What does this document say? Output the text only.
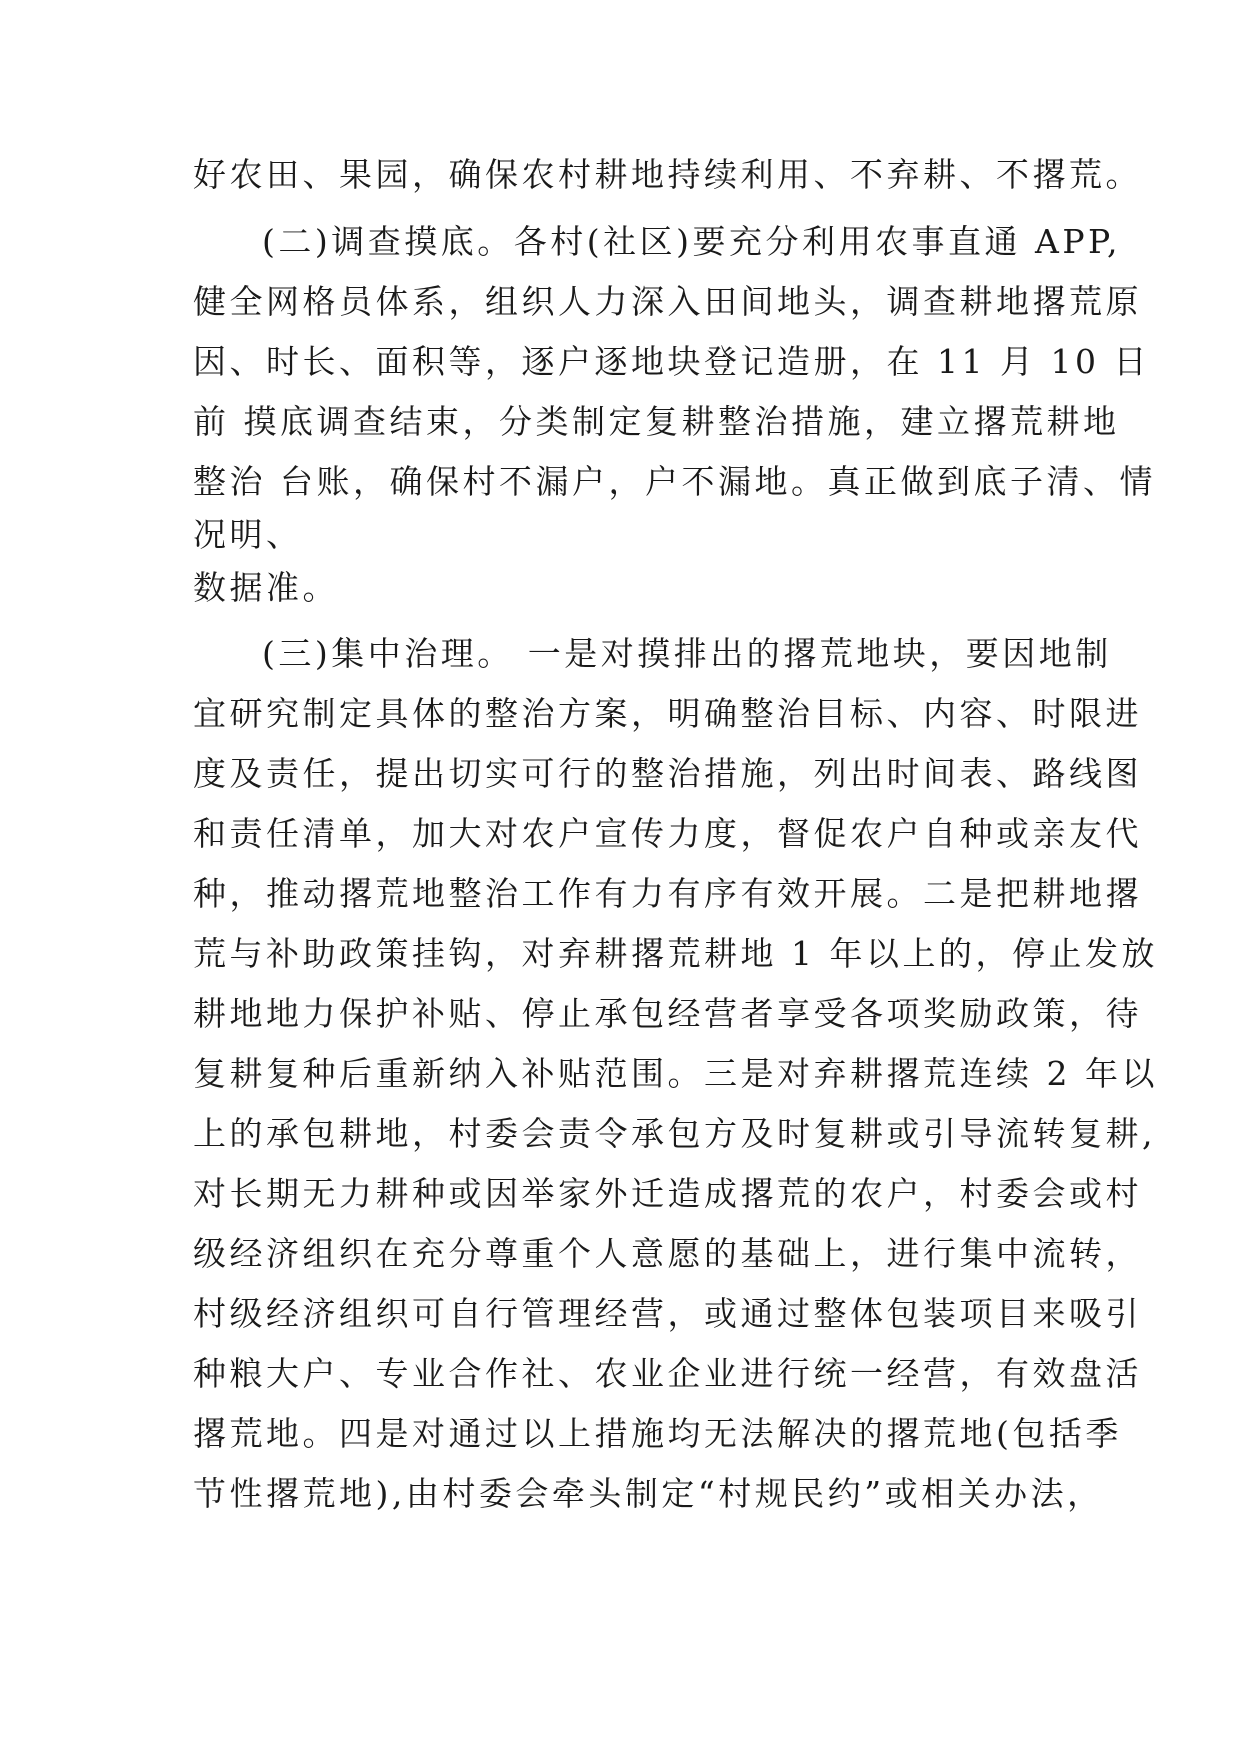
好农田、果园，确保农村耕地持续利用、不弃耕、不撂荒。
(二)调查摸底。各村(社区)要充分利用农事直通 APP,
健全网格员体系，组织人力深入田间地头，调查耕地撂荒原
因、时长、面积等，逐户逐地块登记造册，在 11 月 10 日
前 摸底调查结束，分类制定复耕整治措施，建立撂荒耕地
整治 台账，确保村不漏户，户不漏地。真正做到底子清、情
况明、
数据准。
(三)集中治理。 一是对摸排出的撂荒地块，要因地制
宜研究制定具体的整治方案，明确整治目标、内容、时限进
度及责任，提出切实可行的整治措施，列出时间表、路线图
和责任清单，加大对农户宣传力度，督促农户自种或亲友代
种，推动撂荒地整治工作有力有序有效开展。二是把耕地撂
荒与补助政策挂钩，对弃耕撂荒耕地 1 年以上的，停止发放
耕地地力保护补贴、停止承包经营者享受各项奖励政策，待
复耕复种后重新纳入补贴范围。三是对弃耕撂荒连续 2 年以
上的承包耕地，村委会责令承包方及时复耕或引导流转复耕,
对长期无力耕种或因举家外迁造成撂荒的农户，村委会或村
级经济组织在充分尊重个人意愿的基础上，进行集中流转，
村级经济组织可自行管理经营，或通过整体包装项目来吸引
种粮大户、专业合作社、农业企业进行统一经营，有效盘活
撂荒地。四是对通过以上措施均无法解决的撂荒地(包括季
节性撂荒地),由村委会牵头制定“村规民约”或相关办法，
